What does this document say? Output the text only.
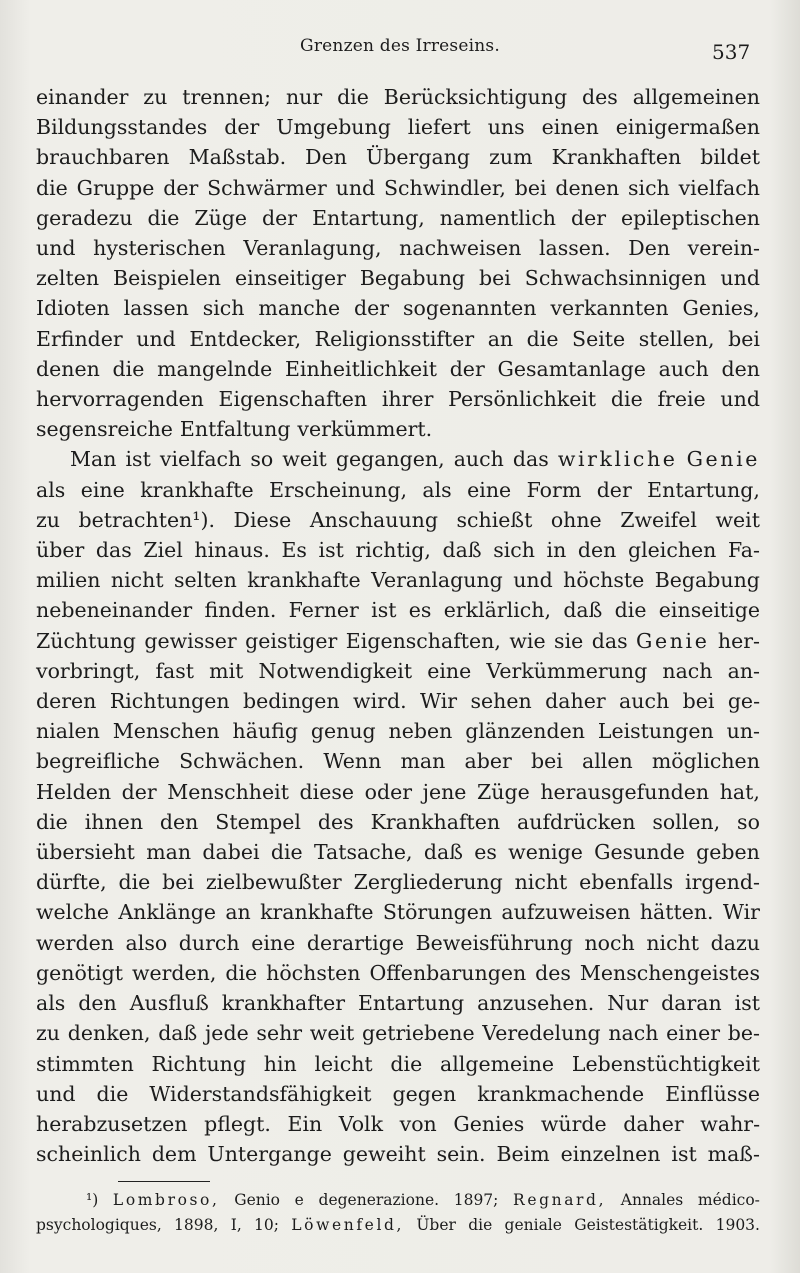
Grenzen des Irreseins.	537
einander zu trennen; nur die Berücksichtigung des allgemeinen
Bildungsstandes der Umgebung liefert uns einen einigermaßen
brauchbaren Maßstab. Den Übergang zum Krankhaften bildet
die Gruppe der Schwärmer und Schwindler, bei denen sich vielfach
geradezu die Züge der Entartung, namentlich der epileptischen
und hysterischen Veranlagung, nachweisen lassen. Den verein-
zelten Beispielen einseitiger Begabung bei Schwachsinnigen und
Idioten lassen sich manche der sogenannten verkannten Genies,
Erfinder und Entdecker, Religionsstifter an die Seite stellen, bei
denen die mangelnde Einheitlichkeit der Gesamtanlage auch den
hervorragenden Eigenschaften ihrer Persönlichkeit die freie und
segensreiche Entfaltung verkümmert.
Man ist vielfach so weit gegangen, auch das wirkliche Genie
als eine krankhafte Erscheinung, als eine Form der Entartung,
zu betrachten¹). Diese Anschauung schießt ohne Zweifel weit
über das Ziel hinaus. Es ist richtig, daß sich in den gleichen Fa-
milien nicht selten krankhafte Veranlagung und höchste Begabung
nebeneinander finden. Ferner ist es erklärlich, daß die einseitige
Züchtung gewisser geistiger Eigenschaften, wie sie das Genie her-
vorbringt, fast mit Notwendigkeit eine Verkümmerung nach an-
deren Richtungen bedingen wird. Wir sehen daher auch bei ge-
nialen Menschen häufig genug neben glänzenden Leistungen un-
begreifliche Schwächen. Wenn man aber bei allen möglichen
Helden der Menschheit diese oder jene Züge herausgefunden hat,
die ihnen den Stempel des Krankhaften aufdrücken sollen, so
übersieht man dabei die Tatsache, daß es wenige Gesunde geben
dürfte, die bei zielbewußter Zergliederung nicht ebenfalls irgend-
welche Anklänge an krankhafte Störungen aufzuweisen hätten. Wir
werden also durch eine derartige Beweisführung noch nicht dazu
genötigt werden, die höchsten Offenbarungen des Menschengeistes
als den Ausfluß krankhafter Entartung anzusehen. Nur daran ist
zu denken, daß jede sehr weit getriebene Veredelung nach einer be-
stimmten Richtung hin leicht die allgemeine Lebenstüchtigkeit
und die Widerstandsfähigkeit gegen krankmachende Einflüsse
herabzusetzen pflegt. Ein Volk von Genies würde daher wahr-
scheinlich dem Untergange geweiht sein. Beim einzelnen ist maß-
¹) Lombroso, Genio e degenerazione. 1897; Regnard, Annales médico-
psychologiques, 1898, I, 10; Löwenfeld, Über die geniale Geistestätigkeit. 1903.
